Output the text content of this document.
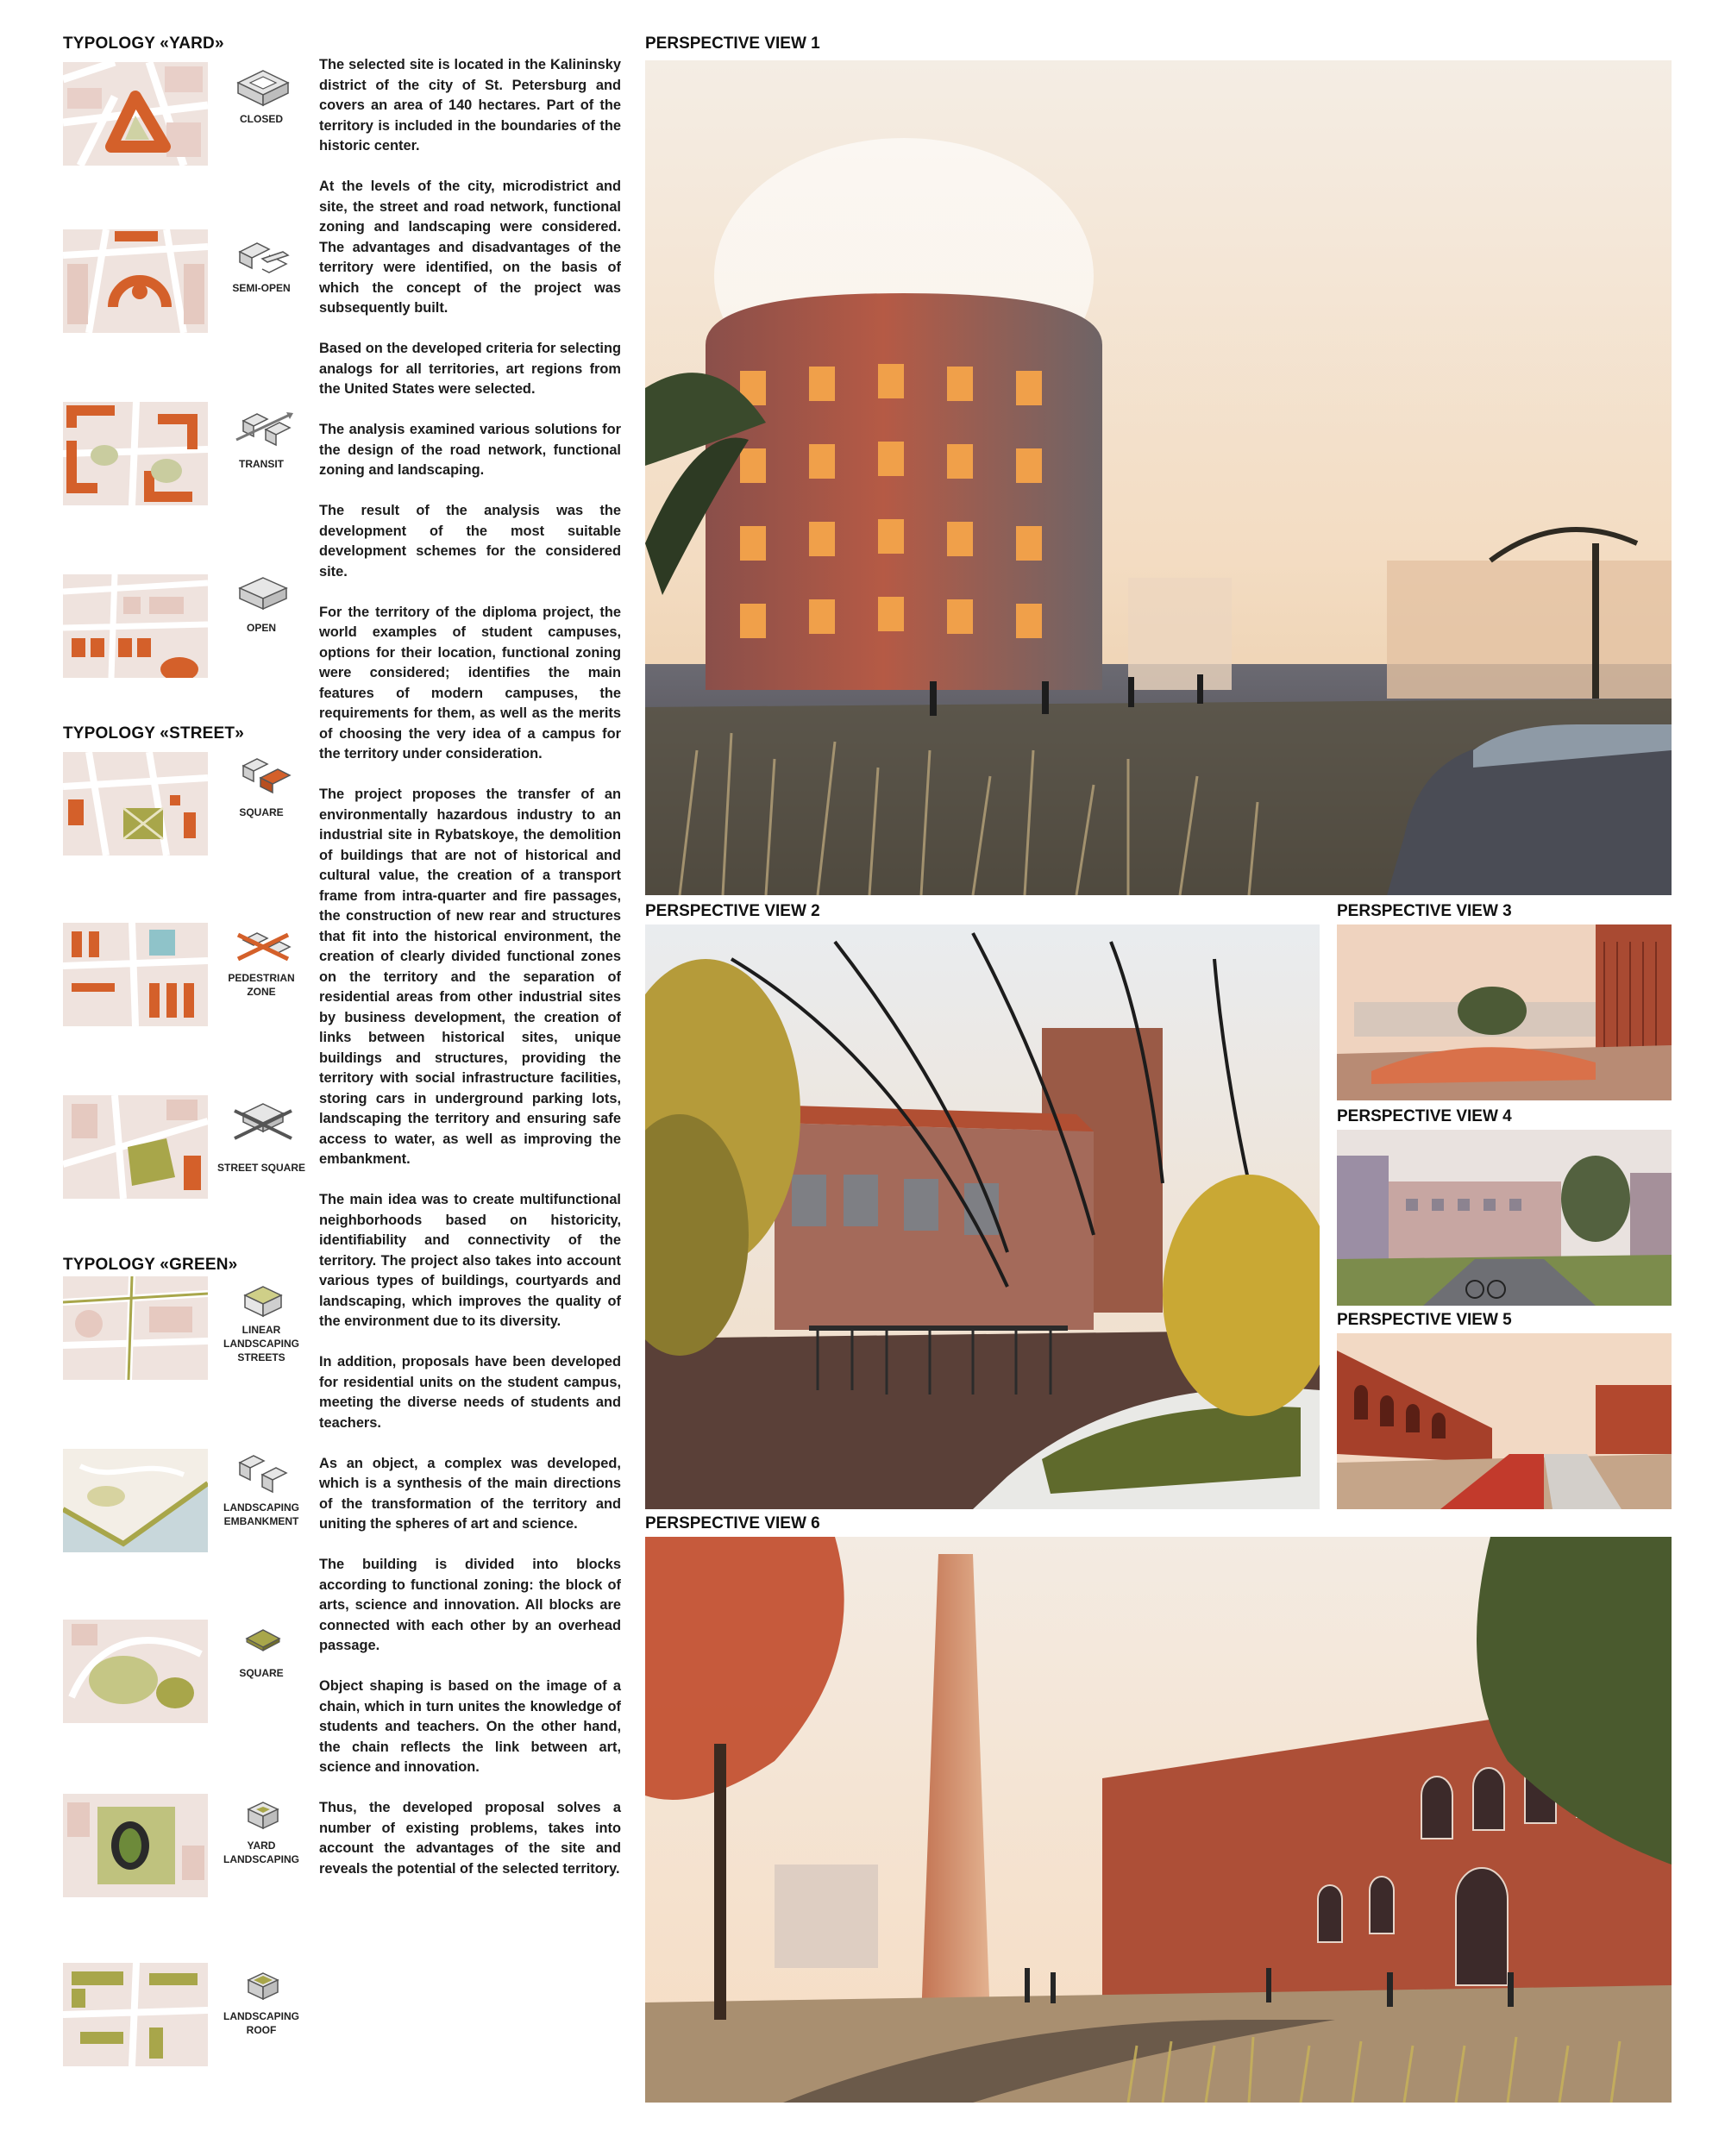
TYPOLOGY «YARD»
TYPOLOGY «STREET»
TYPOLOGY «GREEN»
CLOSED
SEMI-OPEN
TRANSIT
OPEN
SQUARE
PEDESTRIAN ZONE
STREET SQUARE
LINEAR LANDSCAPING STREETS
LANDSCAPING EMBANKMENT
SQUARE
YARD LANDSCAPING
LANDSCAPING ROOF

The selected site is located in the Kalininsky district of the city of St. Petersburg and covers an area of 140 hectares. Part of the territory is included in the boundaries of the historic center.

At the levels of the city, microdistrict and site, the street and road network, functional zoning and landscaping were considered. The advantages and disadvantages of the territory were identified, on the basis of which the concept of the project was subsequently built.

Based on the developed criteria for selecting analogs for all territories, art regions from the United States were selected.

The analysis examined various solutions for the design of the road network, functional zoning and landscaping.

The result of the analysis was the development of the most suitable development schemes for the considered site.

For the territory of the diploma project, the world examples of student campuses, options for their location, functional zoning were considered; identifies the main features of modern campuses, the requirements for them, as well as the merits of choosing the very idea of a campus for the territory under consideration.

The project proposes the transfer of an environmentally hazardous industry to an industrial site in Rybatskoye, the demolition of buildings that are not of historical and cultural value, the creation of a transport frame from intra-quarter and fire passages, the construction of new rear and structures that fit into the historical environment, the creation of clearly divided functional zones on the territory and the separation of residential areas from other industrial sites by business development, the creation of links between historical sites, unique buildings and structures, providing the territory with social infrastructure facilities, storing cars in underground parking lots, landscaping the territory and ensuring safe access to water, as well as improving the embankment.

The main idea was to create multifunctional neighborhoods based on historicity, identifiability and connectivity of the territory. The project also takes into account various types of buildings, courtyards and landscaping, which improves the quality of the environment due to its diversity.

In addition, proposals have been developed for residential units on the student campus, meeting the diverse needs of students and teachers.

As an object, a complex was developed, which is a synthesis of the main directions of the transformation of the territory and uniting the spheres of art and science.

The building is divided into blocks according to functional zoning: the block of arts, science and innovation. All blocks are connected with each other by an overhead passage.

Object shaping is based on the image of a chain, which in turn unites the knowledge of students and teachers. On the other hand, the chain reflects the link between art, science and innovation.

Thus, the developed proposal solves a number of existing problems, takes into account the advantages of the site and reveals the potential of the selected territory.

PERSPECTIVE VIEW 1
PERSPECTIVE VIEW 2	PERSPECTIVE VIEW 3
PERSPECTIVE VIEW 4
PERSPECTIVE VIEW 5
PERSPECTIVE VIEW 6
